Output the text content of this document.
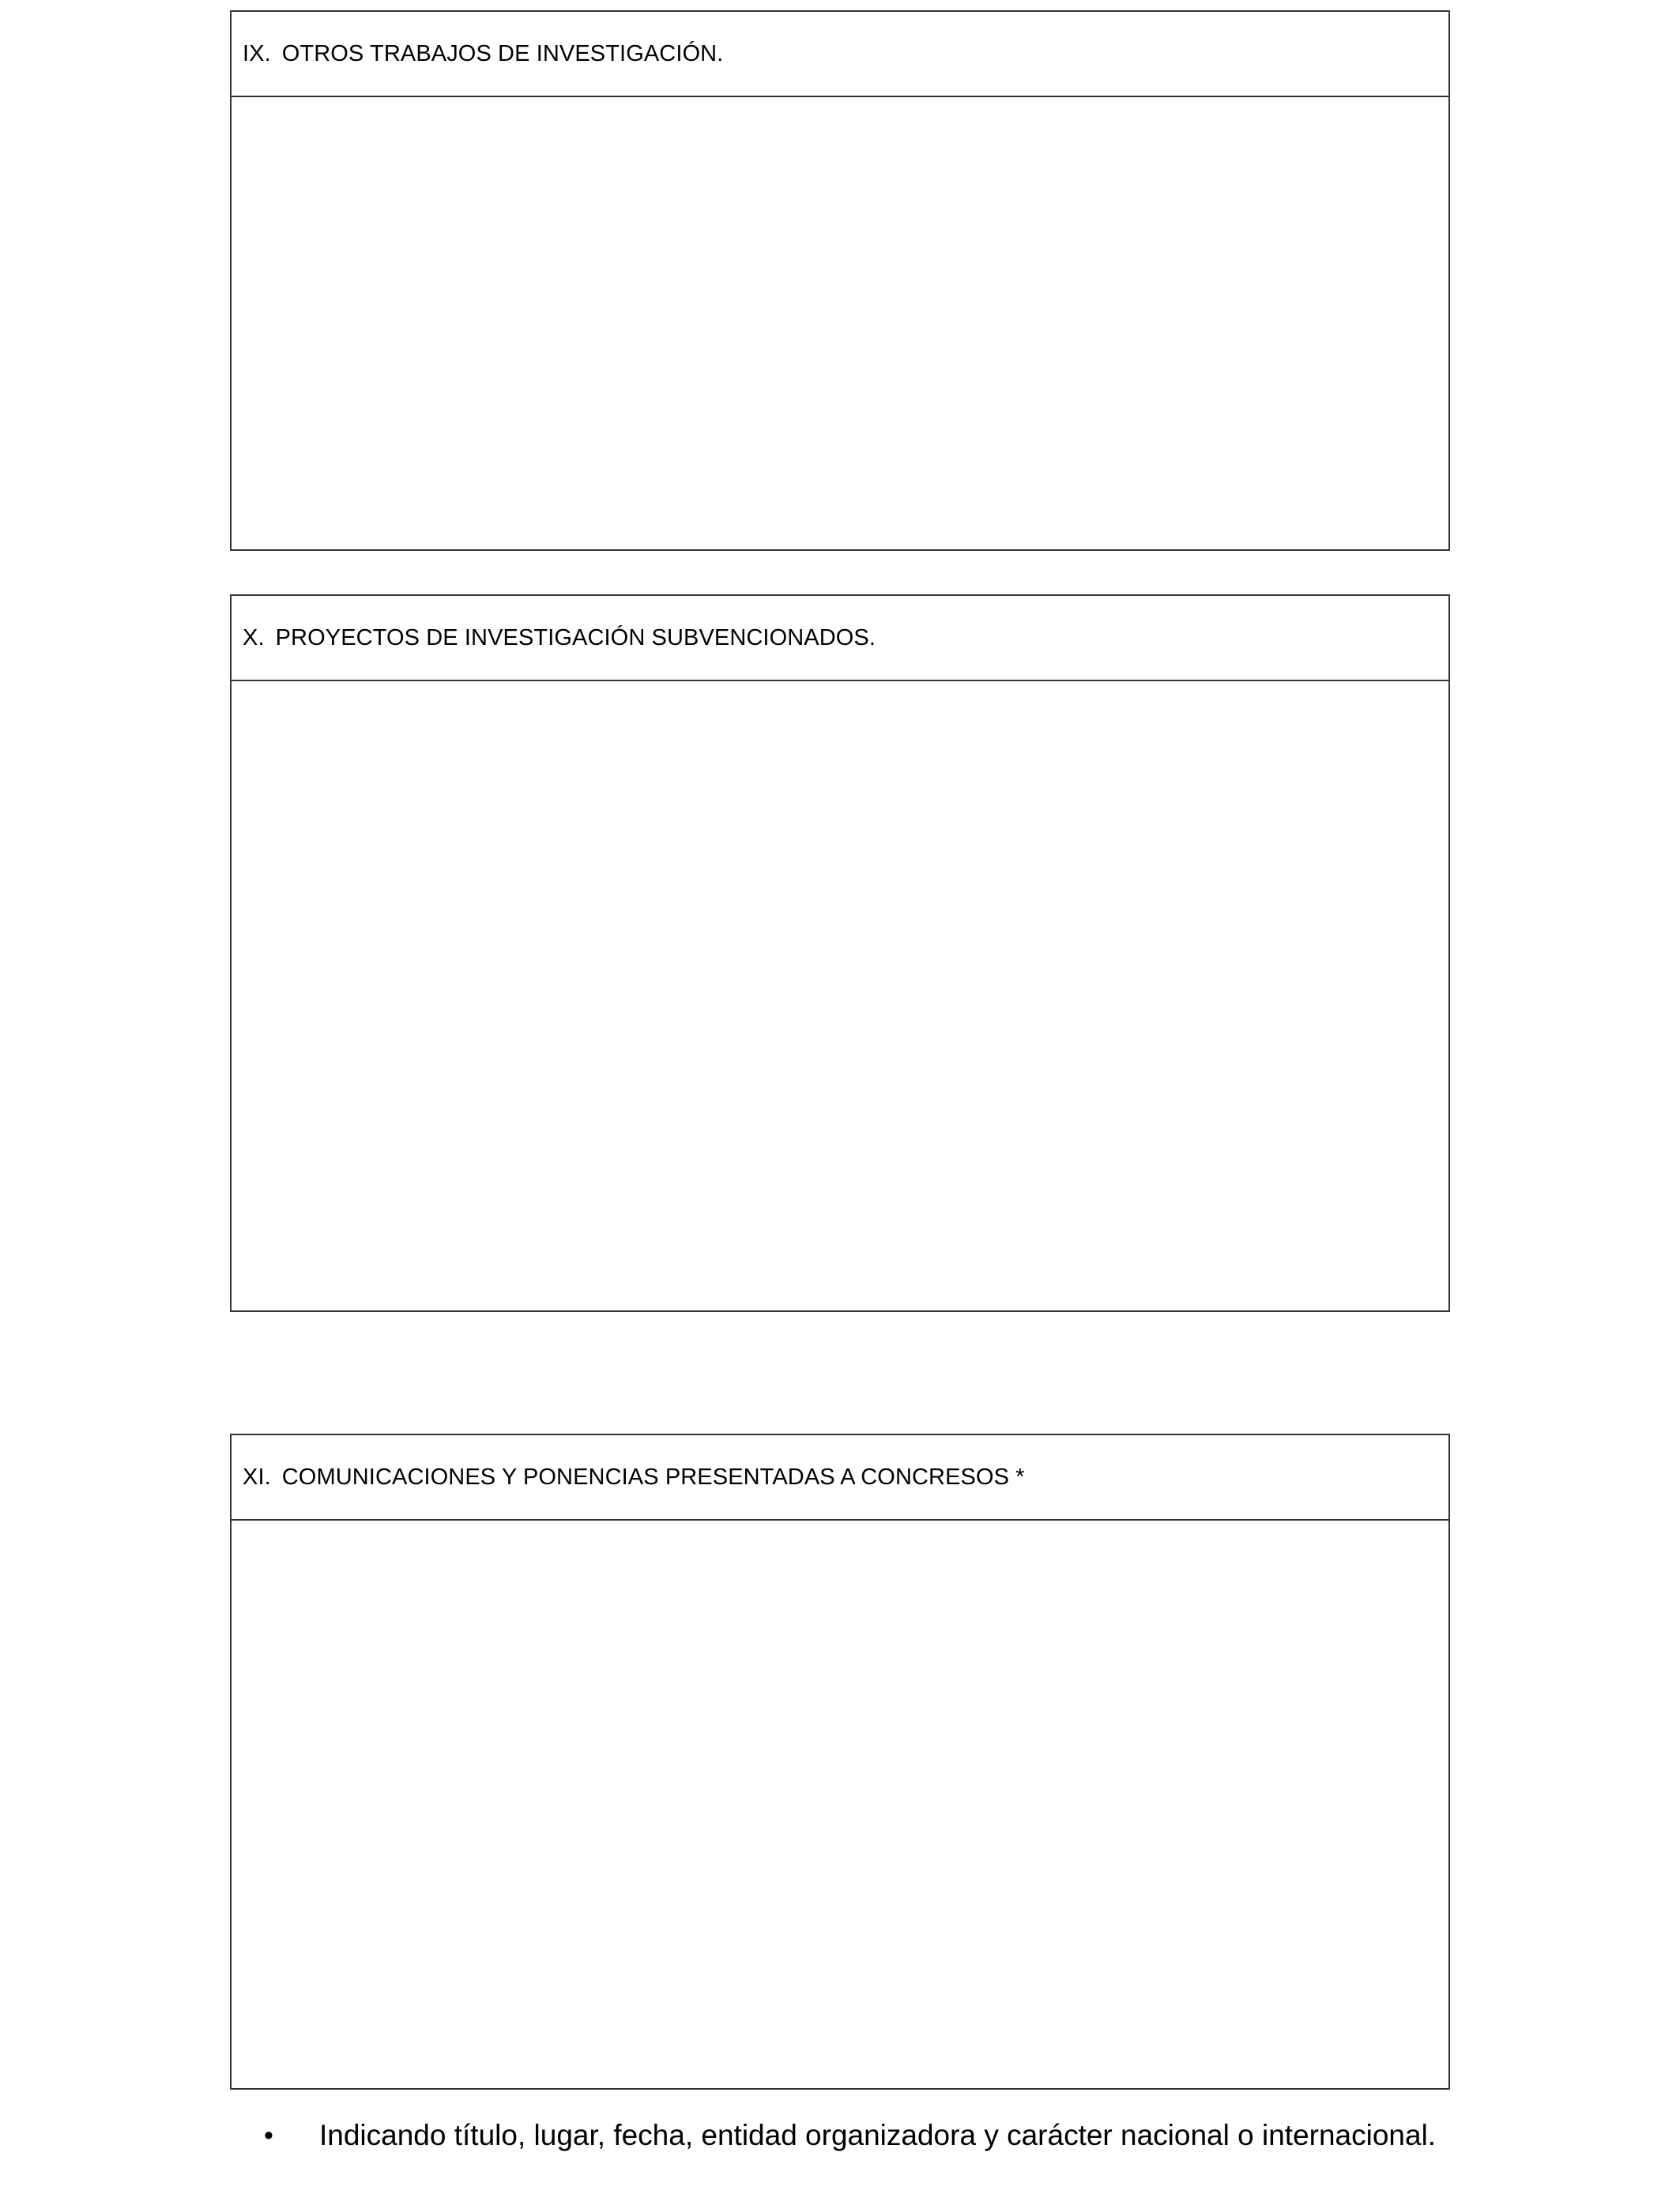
IX. OTROS TRABAJOS DE INVESTIGACIÓN.
X. PROYECTOS DE INVESTIGACIÓN SUBVENCIONADOS.
XI. COMUNICACIONES Y PONENCIAS PRESENTADAS A CONCRESOS *
•	Indicando título, lugar, fecha, entidad organizadora y carácter nacional o internacional.
